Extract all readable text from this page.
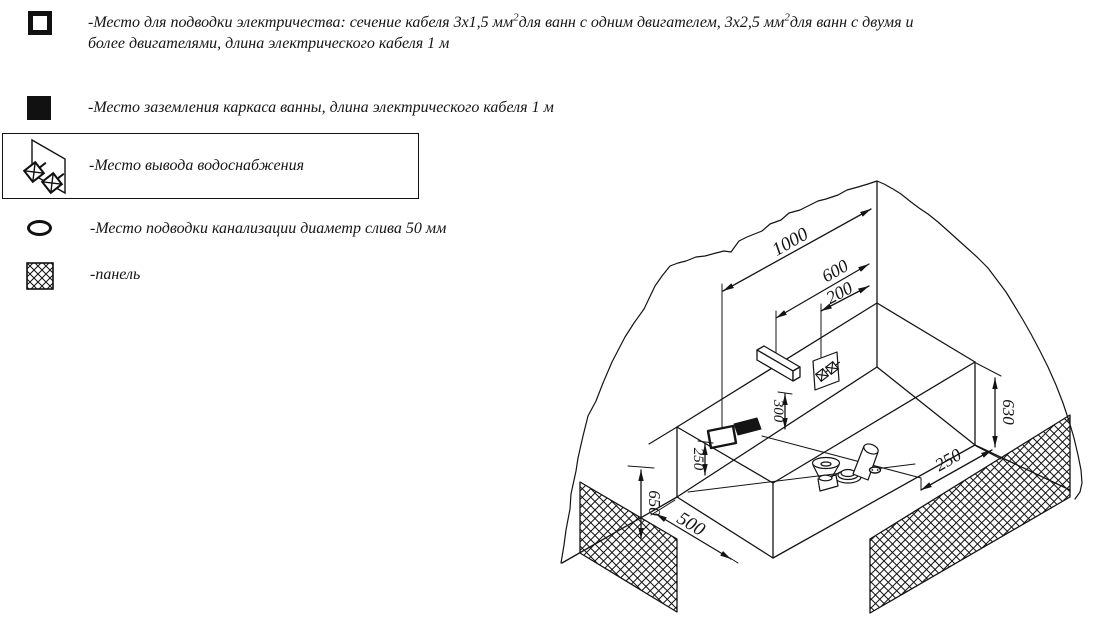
-Место для подводки электричества: сечение кабеля 3х1,5 $мм^2для$ ванн с одним двигателем, 3х2,5 $мм^2для$ ванн с двумя и
более двигателями, длина электрического кабеля 1 м
-Место заземления каркаса ванны, длина электрического кабеля 1 м
-Место вывода водоснабжения
-Место подводки канализации диаметр слива 50 мм
-панель
1000
600
200
300
250
650
500
630
250
